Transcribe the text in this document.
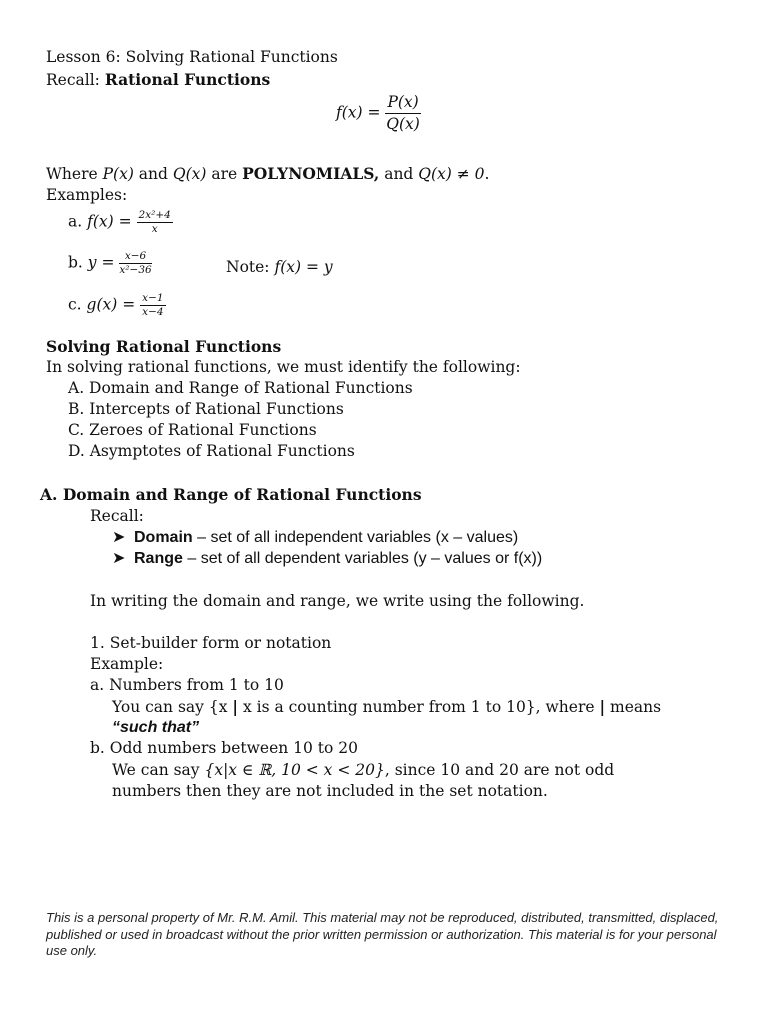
Lesson 6: Solving Rational Functions
Recall: Rational Functions
$f(x) = \frac{P(x)}{Q(x)}$
Where P(x) and Q(x) are POLYNOMIALS, and Q(x) ≠ 0.
Examples:
a. $f(x) = \frac{\text{2x²+4}}{x}$
b. $y = \frac{x-6}{\text{x²−36}}$	Note: f(x) = y
c. $g(x) = \frac{x-1}{x-4}$
Solving Rational Functions
In solving rational functions, we must identify the following:
A. Domain and Range of Rational Functions
B. Intercepts of Rational Functions
C. Zeroes of Rational Functions
D. Asymptotes of Rational Functions
A. Domain and Range of Rational Functions
Recall:
➤ Domain – set of all independent variables (x – values)
➤ Range – set of all dependent variables (y – values or f(x))
In writing the domain and range, we write using the following.
1. Set-builder form or notation
Example:
a. Numbers from 1 to 10
You can say {x | x is a counting number from 1 to 10}, where | means
“such that”
b. Odd numbers between 10 to 20
We can say {x|x ∈ ℝ, 10 < x < 20}, since 10 and 20 are not odd
numbers then they are not included in the set notation.
This is a personal property of Mr. R.M. Amil. This material may not be reproduced, distributed, transmitted, displaced, published or used in broadcast without the prior written permission or authorization. This material is for your personal use only.
